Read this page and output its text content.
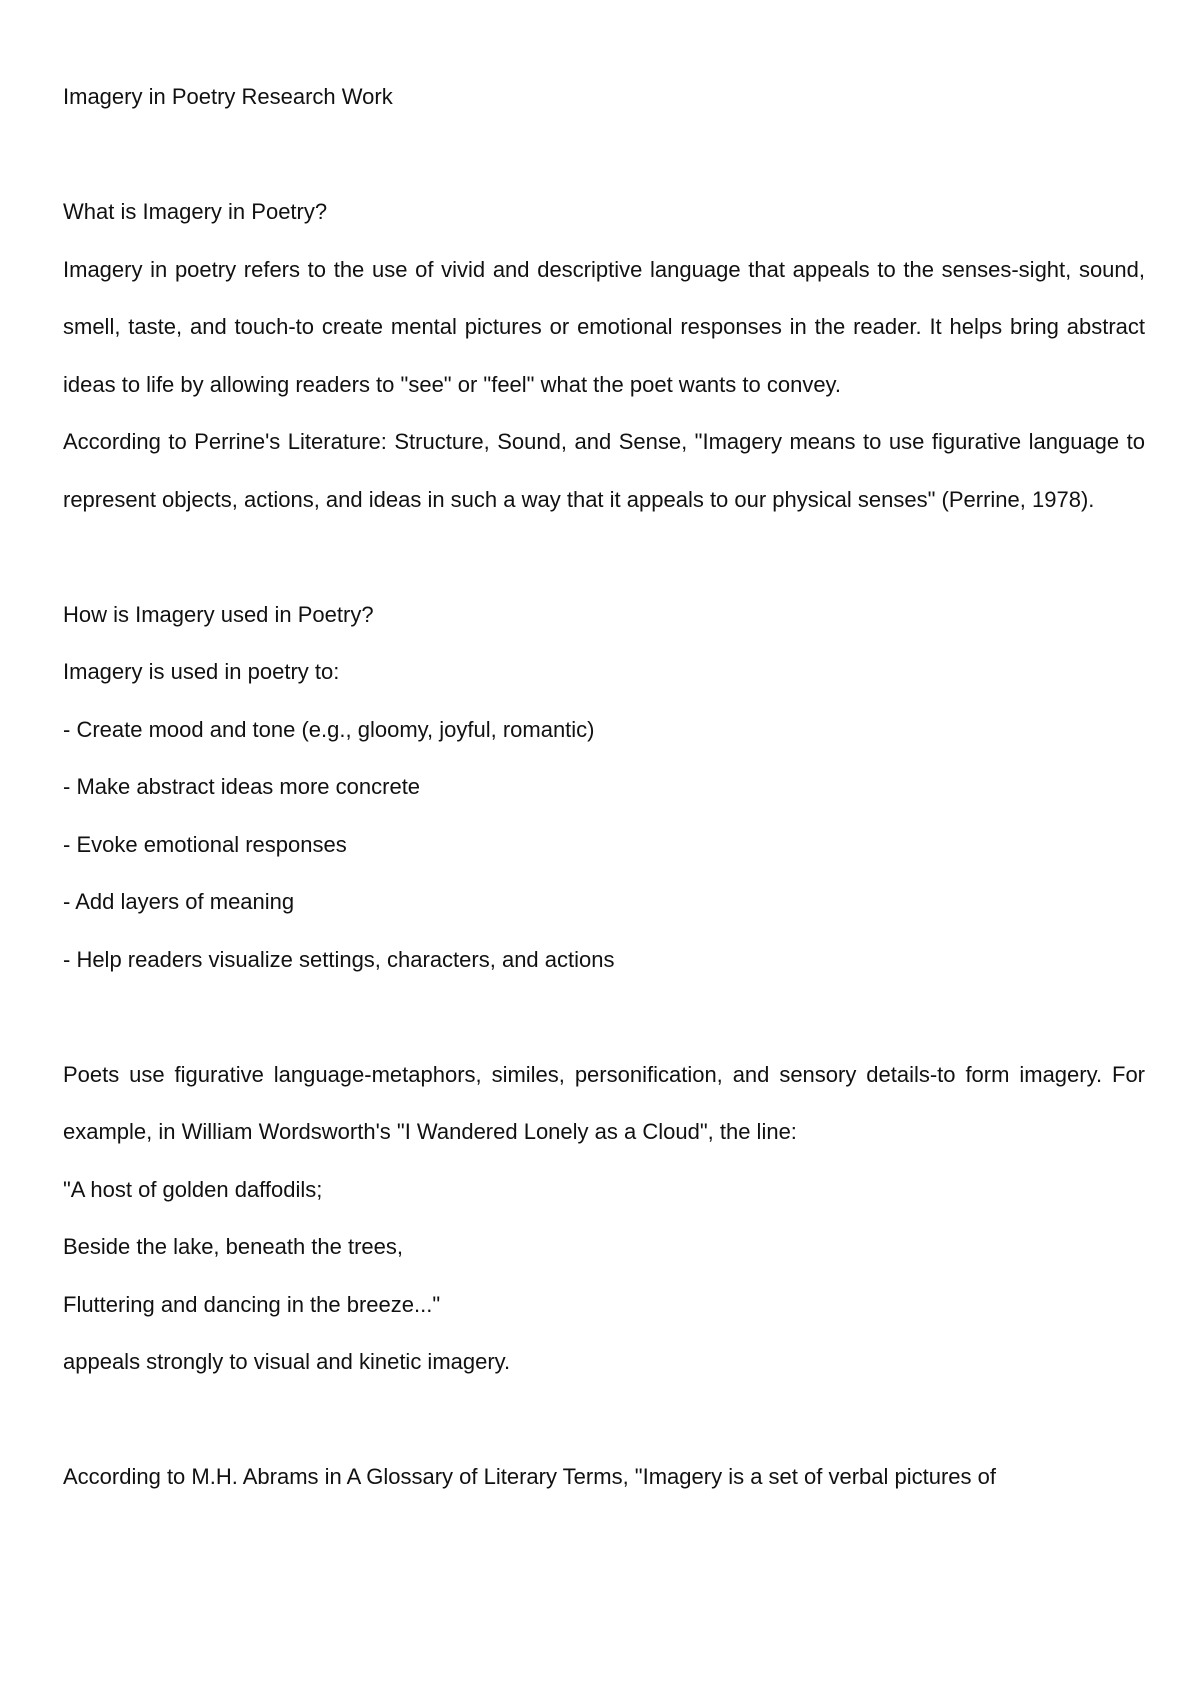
Imagery in Poetry Research Work

What is Imagery in Poetry?

Imagery in poetry refers to the use of vivid and descriptive language that appeals to the senses-sight, sound, smell, taste, and touch-to create mental pictures or emotional responses in the reader. It helps bring abstract ideas to life by allowing readers to "see" or "feel" what the poet wants to convey.

According to Perrine's Literature: Structure, Sound, and Sense, "Imagery means to use figurative language to represent objects, actions, and ideas in such a way that it appeals to our physical senses" (Perrine, 1978).

How is Imagery used in Poetry?

Imagery is used in poetry to:

- Create mood and tone (e.g., gloomy, joyful, romantic)
- Make abstract ideas more concrete
- Evoke emotional responses
- Add layers of meaning
- Help readers visualize settings, characters, and actions

Poets use figurative language-metaphors, similes, personification, and sensory details-to form imagery. For example, in William Wordsworth's "I Wandered Lonely as a Cloud", the line:

"A host of golden daffodils;

Beside the lake, beneath the trees,

Fluttering and dancing in the breeze..."

appeals strongly to visual and kinetic imagery.

According to M.H. Abrams in A Glossary of Literary Terms, "Imagery is a set of verbal pictures of
